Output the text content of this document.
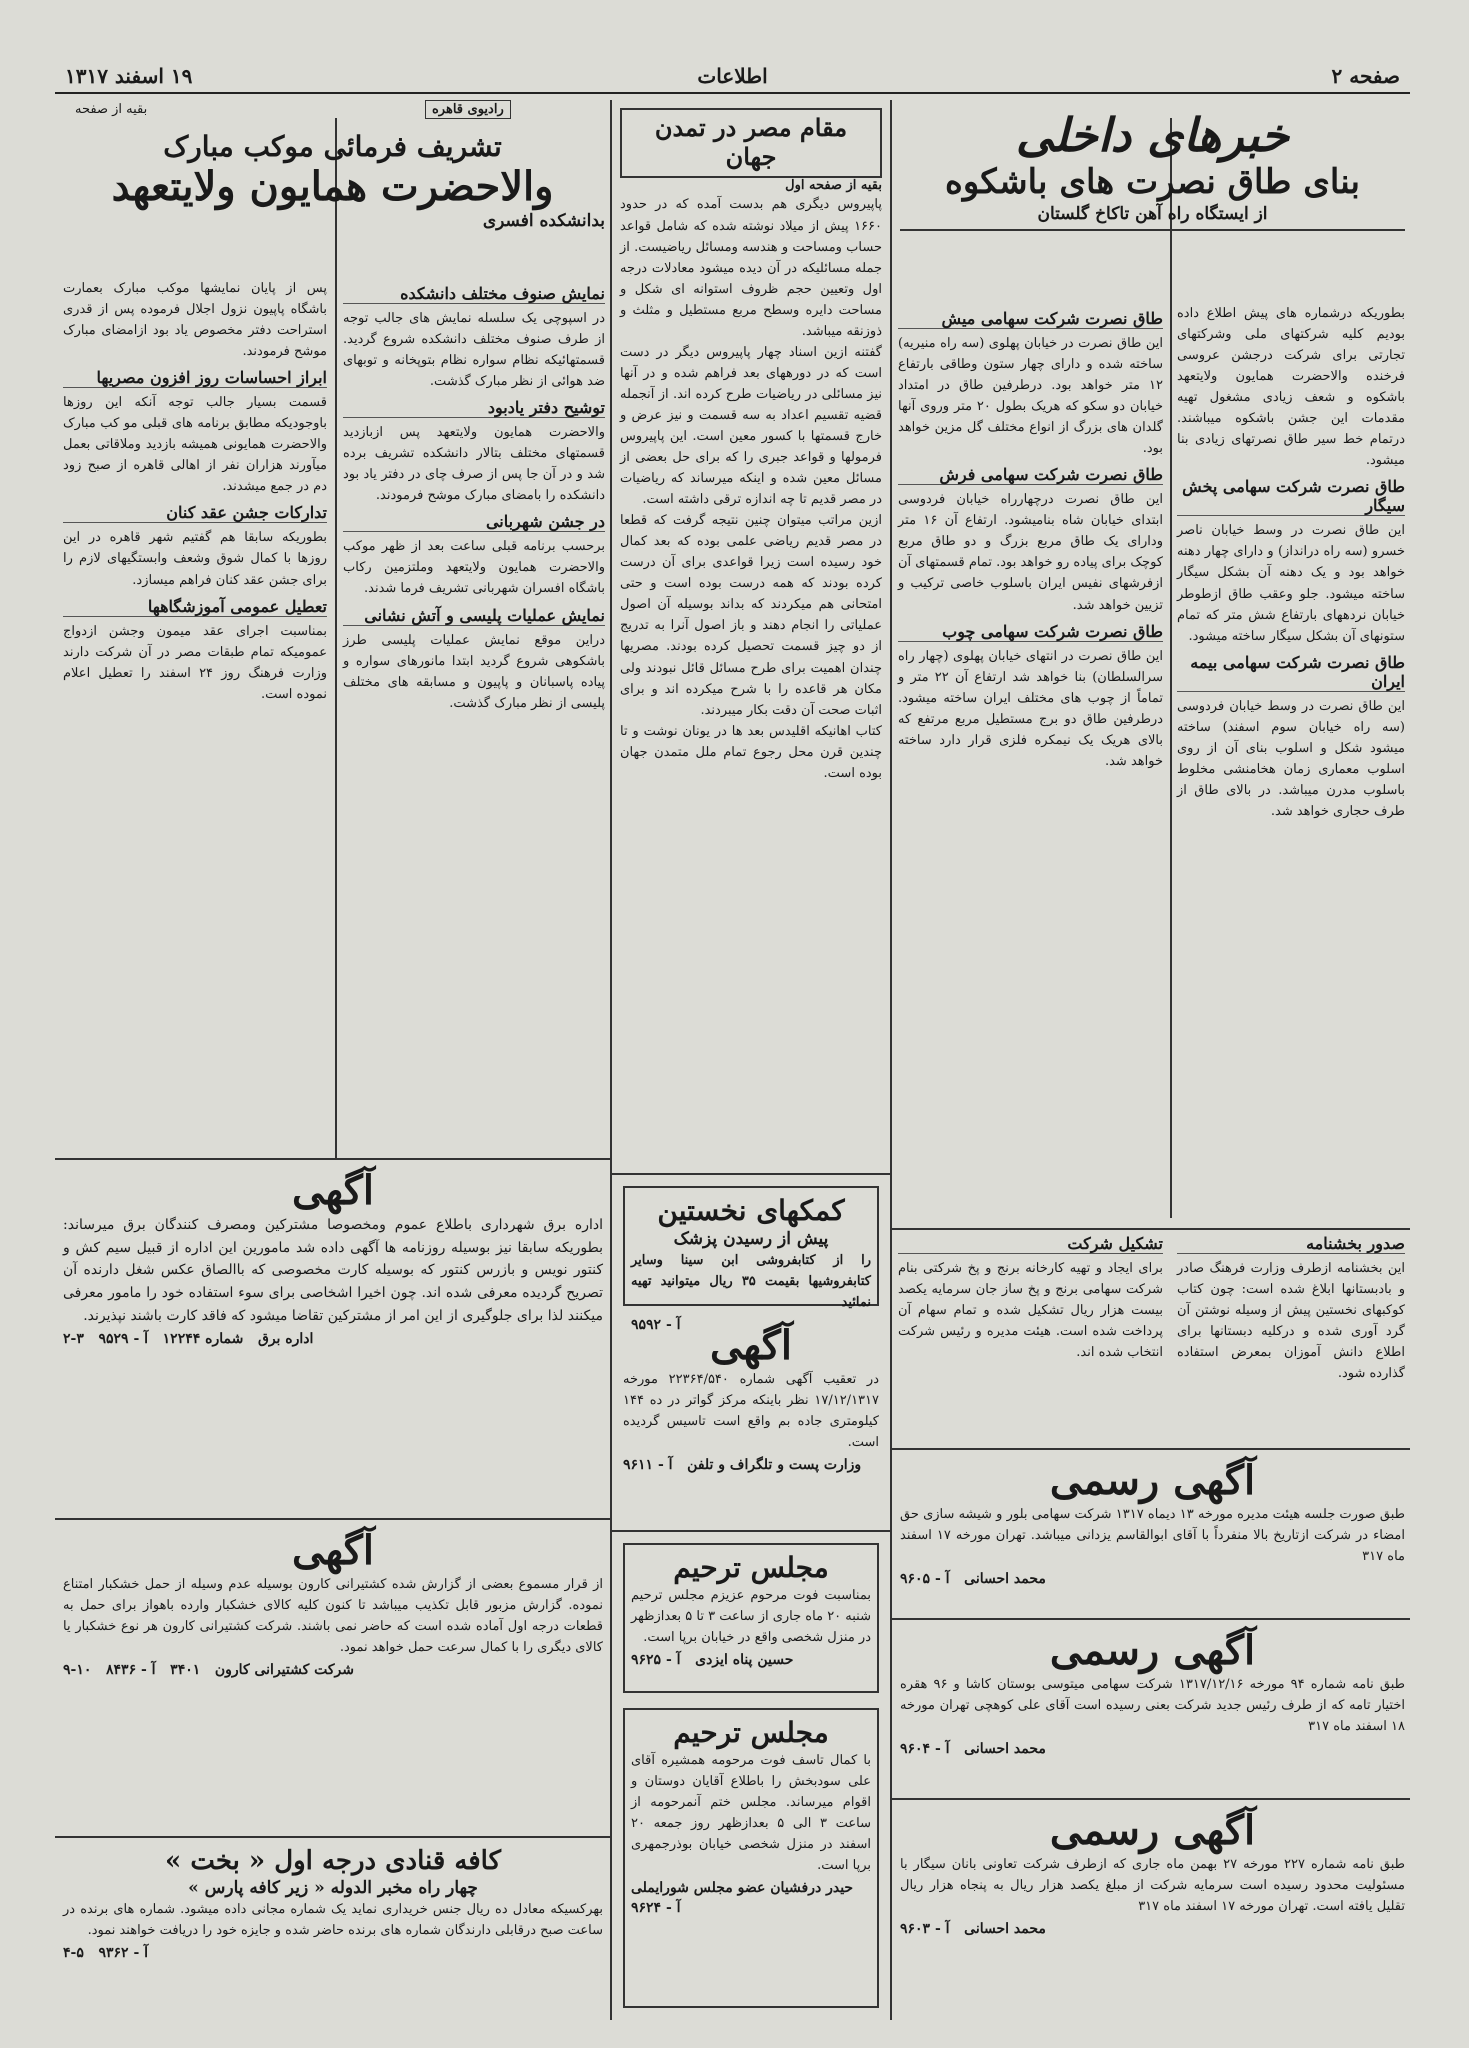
صفحه ۲
اطلاعات
۱۹ اسفند ۱۳۱۷
خبرهای داخلی
بنای طاق نصرت های باشکوه
از ایستگاه راه آهن تاکاخ گلستان
بطوریکه درشماره های پیش اطلاع داده بودیم کلیه شرکتهای ملی وشرکتهای تجارتی برای شرکت درجشن عروسی فرخنده والاحضرت همایون ولایتعهد باشکوه و شعف زیادی مشغول تهیه مقدمات این جشن باشکوه میباشند. درتمام خط سیر طاق نصرتهای زیادی بنا میشود.
طاق نصرت شرکت سهامی پخش سیگار
این طاق نصرت در وسط خیابان ناصر خسرو (سه راه درانداز) و دارای چهار دهنه خواهد بود و یک دهنه آن بشکل سیگار ساخته میشود. جلو وعقب طاق ازطوطر خیابان نردههای بارتفاع شش متر که تمام ستونهای آن بشکل سیگار ساخته میشود.
طاق نصرت شرکت سهامی بیمه ایران
این طاق نصرت در وسط خیابان فردوسی (سه راه خیابان سوم اسفند) ساخته میشود شکل و اسلوب بنای آن از روی اسلوب معماری زمان هخامنشی مخلوط باسلوب مدرن میباشد. در بالای طاق از طرف حجاری خواهد شد.
طاق نصرت شرکت سهامی میش
این طاق نصرت در خیابان پهلوی (سه راه منیریه) ساخته شده و دارای چهار ستون وطاقی بارتفاع ۱۲ متر خواهد بود. درطرفین طاق در امتداد خیابان دو سکو که هریک بطول ۲۰ متر وروی آنها گلدان های بزرگ از انواع مختلف گل مزین خواهد بود.
طاق نصرت شرکت سهامی فرش
این طاق نصرت درچهارراه خیابان فردوسی ابتدای خیابان شاه بنامیشود. ارتفاع آن ۱۶ متر ودارای یک طاق مربع بزرگ و دو طاق مربع کوچک برای پیاده رو خواهد بود. تمام قسمتهای آن ازفرشهای نفیس ایران باسلوب خاصی ترکیب و تزیین خواهد شد.
طاق نصرت شرکت سهامی چوب
این طاق نصرت در انتهای خیابان پهلوی (چهار راه سرالسلطان) بنا خواهد شد ارتفاع آن ۲۲ متر و تماماً از چوب های مختلف ایران ساخته میشود. درطرفین طاق دو برج مستطیل مربع مرتفع که بالای هریک یک نیمکره فلزی قرار دارد ساخته خواهد شد.
صدور بخشنامه
این بخشنامه ازطرف وزارت فرهنگ صادر و بادبستانها ابلاغ شده است: چون کتاب کوکبهای نخستین پیش از وسیله نوشتن آن گرد آوری شده و درکلیه دبستانها برای اطلاع دانش آموزان بمعرض استفاده گذارده شود.
تشکیل شرکت
برای ایجاد و تهیه کارخانه برنج و پخ شرکتی بنام شرکت سهامی برنج و پخ ساز جان سرمایه یکصد بیست هزار ریال تشکیل شده و تمام سهام آن پرداخت شده است. هیئت مدیره و رئیس شرکت انتخاب شده اند.
آگهی رسمی
طبق صورت جلسه هیئت مدیره مورخه ۱۳ دیماه ۱۳۱۷ شرکت سهامی بلور و شیشه سازی حق امضاء در شرکت ازتاریخ بالا منفرداً با آقای ابوالقاسم یزدانی میباشد. تهران مورخه ۱۷ اسفند ماه ۳۱۷
محمد احسانی   آ - ۹۶۰۵
آگهی رسمی
طبق نامه شماره ۹۴ مورخه ۱۳۱۷/۱۲/۱۶ شرکت سهامی میتوسی بوستان کاشا و ۹۶ هقره اختیار تامه که از طرف رئیس جدید شرکت بعنی رسیده است آقای علی کوهچی تهران مورخه ۱۸ اسفند ماه ۳۱۷
محمد احسانی   آ - ۹۶۰۴
آگهی رسمی
طبق نامه شماره ۲۲۷ مورخه ۲۷ بهمن ماه جاری که ازطرف شرکت تعاونی بانان سیگار با مسئولیت محدود رسیده است سرمایه شرکت از مبلغ یکصد هزار ریال به پنجاه هزار ریال تقلیل یافته است. تهران مورخه ۱۷ اسفند ماه ۳۱۷
محمد احسانی   آ - ۹۶۰۳
مقام مصر در تمدن جهان
بقیه از صفحه اول
پاپیروس دیگری هم بدست آمده که در حدود ۱۶۶۰ پیش از میلاد نوشته شده که شامل قواعد حساب ومساحت و هندسه ومسائل ریاضیست. از جمله مسائلیکه در آن دیده میشود معادلات درجه اول وتعیین حجم ظروف استوانه ای شکل و مساحت دایره وسطح مربع مستطیل و مثلث و ذوزنقه میباشد.
گفتنه ازین اسناد چهار پاپیروس دیگر در دست است که در دورههای بعد فراهم شده و در آنها نیز مسائلی در ریاضیات طرح کرده اند. از آنجمله قضیه تقسیم اعداد به سه قسمت و نیز عرض و خارج قسمتها با کسور معین است. این پاپیروس فرمولها و قواعد جبری را که برای حل بعضی از مسائل معین شده و اینکه میرساند که ریاضیات در مصر قدیم تا چه اندازه ترقی داشته است.
ازین مراتب میتوان چنین نتیجه گرفت که قطعا در مصر قدیم ریاضی علمی بوده که بعد کمال خود رسیده است زیرا قواعدی برای آن درست کرده بودند که همه درست بوده است و حتی امتحانی هم میکردند که بداند بوسیله آن اصول عملیاتی را انجام دهند و باز اصول آنرا به تدریج از دو چیز قسمت تحصیل کرده بودند. مصریها چندان اهمیت برای طرح مسائل قائل نبودند ولی مکان هر قاعده را با شرح میکرده اند و برای اثبات صحت آن دقت بکار میبردند.
کتاب اهانیکه اقلیدس بعد ها در یونان نوشت و تا چندین قرن محل رجوع تمام ملل متمدن جهان بوده است.
کمکهای نخستین
پیش از رسیدن پزشک
را از کتابفروشی ابن سینا وسایر کتابفروشیها بقیمت ۳۵ ریال میتوانید تهیه نمائید
آ - ۹۵۹۲ آگهی
در تعقیب آگهی شماره ۲۲۳۶۴/۵۴۰ مورخه ۱۷/۱۲/۱۳۱۷ نظر باینکه مرکز گواتر در ده ۱۴۴ کیلومتری جاده بم واقع است تاسیس گردیده است.
وزارت پست و تلگراف و تلفن   آ - ۹۶۱۱
مجلس ترحیم
بمناسبت فوت مرحوم عزیزم مجلس ترحیم شنبه ۲۰ ماه جاری از ساعت ۳ تا ۵ بعدازظهر در منزل شخصی واقع در خیابان برپا است.
حسین پناه ایزدی   آ - ۹۶۲۵
مجلس ترحیم
با کمال تاسف فوت مرحومه همشیره آقای علی سودبخش را باطلاع آقایان دوستان و اقوام میرساند. مجلس ختم آنمرحومه از ساعت ۳ الی ۵ بعدازظهر روز جمعه ۲۰ اسفند در منزل شخصی خیابان بوذرجمهری برپا است.
حیدر درفشیان عضو مجلس شورایملی
آ - ۹۶۲۴
رادیوی قاهره
بقیه از صفحه
تشریف فرمائی موکب مبارک
والاحضرت همایون ولایتعهد
بدانشکده افسری
نمایش صنوف مختلف دانشکده
در اسپوچی یک سلسله نمایش های جالب توجه از طرف صنوف مختلف دانشکده شروع گردید. قسمتهائیکه نظام سواره نظام بتوپخانه و توبهای ضد هوائی از نظر مبارک گذشت.
توشیح دفتر یادبود
والاحضرت همایون ولایتعهد پس ازبازدید قسمتهای مختلف بتالار دانشکده تشریف برده شد و در آن جا پس از صرف چای در دفتر یاد بود دانشکده را بامضای مبارک موشح فرمودند.
در جشن شهربانی
برحسب برنامه قبلی ساعت بعد از ظهر موکب والاحضرت همایون ولایتعهد وملتزمین رکاب باشگاه افسران شهربانی تشریف فرما شدند.
نمایش عملیات پلیسی و آتش نشانی
دراین موقع نمایش عملیات پلیسی طرز باشکوهی شروع گردید ابتدا مانورهای سواره و پیاده پاسبانان و پاپیون و مسابقه های مختلف پلیسی از نظر مبارک گذشت.
پس از پایان نمایشها موکب مبارک بعمارت باشگاه پاپیون نزول اجلال فرموده پس از قدری استراحت دفتر مخصوص یاد بود ازامضای مبارک موشح فرمودند.
ابراز احساسات روز افزون مصریها
قسمت بسیار جالب توجه آنکه این روزها باوجودیکه مطابق برنامه های قبلی مو کب مبارک والاحضرت همایونی همیشه بازدید وملاقاتی بعمل میآورند هزاران نفر از اهالی قاهره از صبح زود دم در جمع میشدند.
تدارکات جشن عقد کنان
بطوریکه سابقا هم گفتیم شهر قاهره در این روزها با کمال شوق وشعف وابستگیهای لازم را برای جشن عقد کنان فراهم میسازد.
تعطیل عمومی آموزشگاهها
بمناسبت اجرای عقد میمون وجشن ازدواج عمومیکه تمام طبقات مصر در آن شرکت دارند وزارت فرهنگ روز ۲۴ اسفند را تعطیل اعلام نموده است.
آگهی
اداره برق شهرداری باطلاع عموم ومخصوصا مشترکین ومصرف کنندگان برق میرساند: بطوریکه سابقا نیز بوسیله روزنامه ها آگهی داده شد مامورین این اداره از قبیل سیم کش و کنتور نویس و بازرس کنتور که بوسیله کارت مخصوصی که باالصاق عکس شغل دارنده آن تصریح گردیده معرفی شده اند. چون اخیرا اشخاصی برای سوء استفاده خود را مامور معرفی میکنند لذا برای جلوگیری از این امر از مشترکین تقاضا میشود که فاقد کارت باشند نپذیرند.
اداره برق   شماره ۱۲۲۴۴   آ - ۹۵۲۹   ۳-۲
آگهی
از قرار مسموع بعضی از گزارش شده کشتیرانی کارون بوسیله عدم وسیله از حمل خشکبار امتناع نموده. گزارش مزبور قابل تکذیب میباشد تا کنون کلیه کالای خشکبار وارده باهواز برای حمل به قطعات درجه اول آماده شده است که حاضر نمی باشند. شرکت کشتیرانی کارون هر نوع خشکبار یا کالای دیگری را با کمال سرعت حمل خواهد نمود.
شرکت کشتیرانی کارون   ۳۴۰۱   آ - ۸۴۳۶   ۱۰-۹
کافه قنادی درجه اول « بخت »
چهار راه مخبر الدوله « زیر کافه پارس »
بهرکسیکه معادل ده ریال جنس خریداری نماید یک شماره مجانی داده میشود. شماره های برنده در ساعت صبح درقابلی دارندگان شماره های برنده حاضر شده و جایزه خود را دریافت خواهند نمود.
آ - ۹۳۶۲   ۵-۴
